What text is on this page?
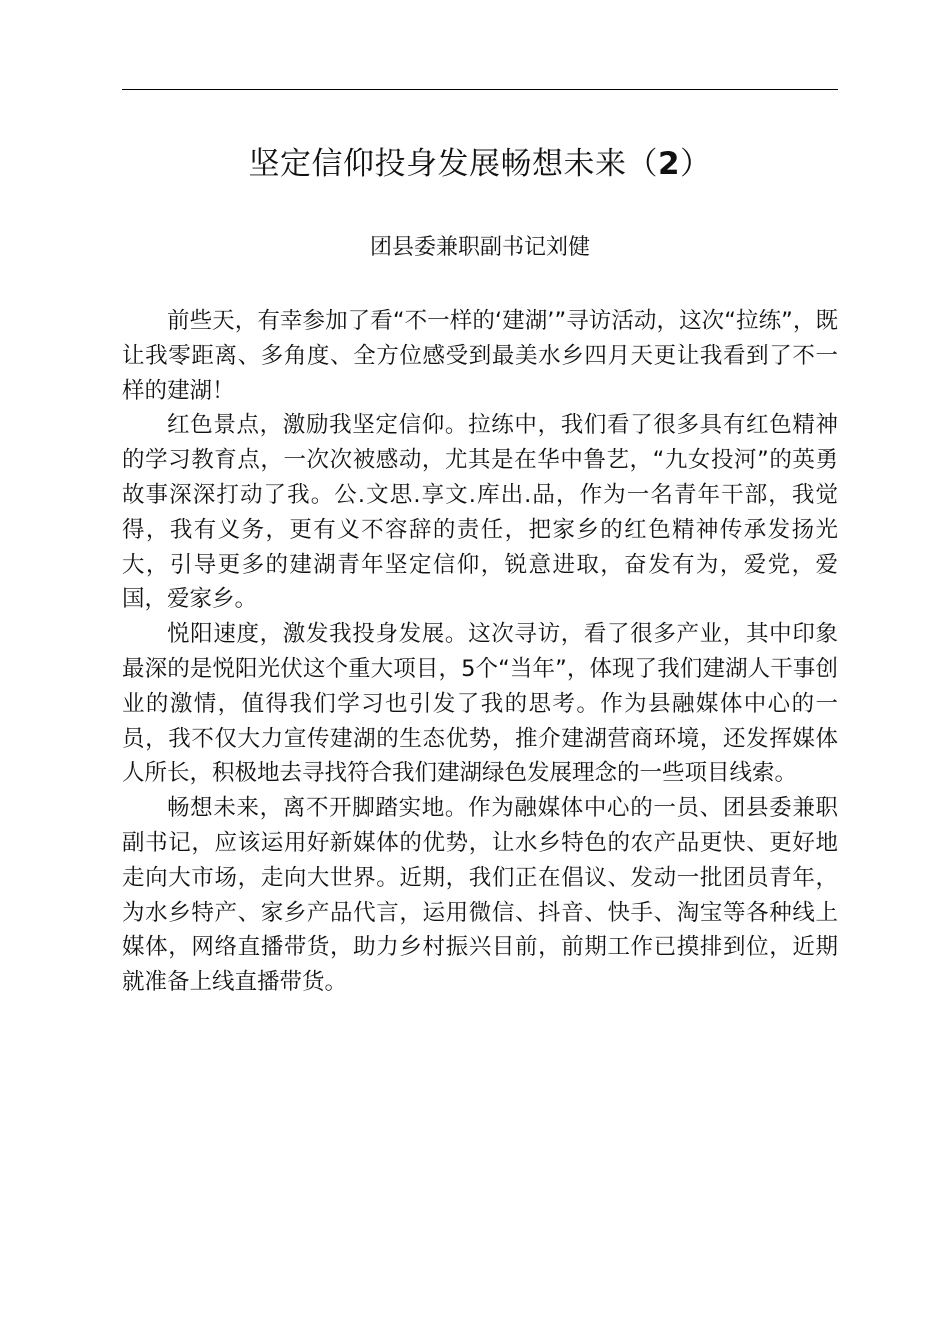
坚定信仰投身发展畅想未来（2）
团县委兼职副书记刘健

前些天，有幸参加了看“不一样的‘建湖’”寻访活动，这次“拉练”，既让我零距离、多角度、全方位感受到最美水乡四月天更让我看到了不一样的建湖！

红色景点，激励我坚定信仰。拉练中，我们看了很多具有红色精神的学习教育点，一次次被感动，尤其是在华中鲁艺，“九女投河”的英勇故事深深打动了我。公.文思.享文.库出.品，作为一名青年干部，我觉得，我有义务，更有义不容辞的责任，把家乡的红色精神传承发扬光大，引导更多的建湖青年坚定信仰，锐意进取，奋发有为，爱党，爱国，爱家乡。

悦阳速度，激发我投身发展。这次寻访，看了很多产业，其中印象最深的是悦阳光伏这个重大项目，5个“当年”，体现了我们建湖人干事创业的激情，值得我们学习也引发了我的思考。作为县融媒体中心的一员，我不仅大力宣传建湖的生态优势，推介建湖营商环境，还发挥媒体人所长，积极地去寻找符合我们建湖绿色发展理念的一些项目线索。

畅想未来，离不开脚踏实地。作为融媒体中心的一员、团县委兼职副书记，应该运用好新媒体的优势，让水乡特色的农产品更快、更好地走向大市场，走向大世界。近期，我们正在倡议、发动一批团员青年，为水乡特产、家乡产品代言，运用微信、抖音、快手、淘宝等各种线上媒体，网络直播带货，助力乡村振兴目前，前期工作已摸排到位，近期就准备上线直播带货。
